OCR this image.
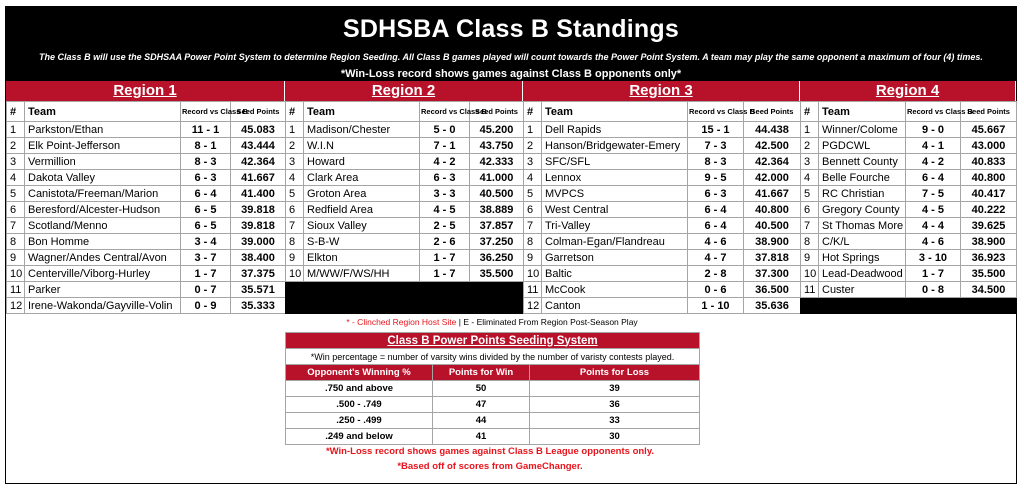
SDHSBA Class B Standings
The Class B will use the SDHSAA Power Point System to determine Region Seeding. All Class B games played will count towards the Power Point System. A team may play the same opponent a maximum of four (4) times.
*Win-Loss record shows games against Class B opponents only*
Region 1
#	Team	Record vs Class B	Seed Points
1	Parkston/Ethan	11 - 1	45.083
2	Elk Point-Jefferson	8 - 1	43.444
3	Vermillion	8 - 3	42.364
4	Dakota Valley	6 - 3	41.667
5	Canistota/Freeman/Marion	6 - 4	41.400
6	Beresford/Alcester-Hudson	6 - 5	39.818
7	Scotland/Menno	6 - 5	39.818
8	Bon Homme	3 - 4	39.000
9	Wagner/Andes Central/Avon	3 - 7	38.400
10	Centerville/Viborg-Hurley	1 - 7	37.375
11	Parker	0 - 7	35.571
12	Irene-Wakonda/Gayville-Volin	0 - 9	35.333
Region 2
#	Team	Record vs Class B	Seed Points
1	Madison/Chester	5 - 0	45.200
2	W.I.N	7 - 1	43.750
3	Howard	4 - 2	42.333
4	Clark Area	6 - 3	41.000
5	Groton Area	3 - 3	40.500
6	Redfield Area	4 - 5	38.889
7	Sioux Valley	2 - 5	37.857
8	S-B-W	2 - 6	37.250
9	Elkton	1 - 7	36.250
10	M/WW/F/WS/HH	1 - 7	35.500
Region 3
#	Team	Record vs Class B	Seed Points
1	Dell Rapids	15 - 1	44.438
2	Hanson/Bridgewater-Emery	7 - 3	42.500
3	SFC/SFL	8 - 3	42.364
4	Lennox	9 - 5	42.000
5	MVPCS	6 - 3	41.667
6	West Central	6 - 4	40.800
7	Tri-Valley	6 - 4	40.500
8	Colman-Egan/Flandreau	4 - 6	38.900
9	Garretson	4 - 7	37.818
10	Baltic	2 - 8	37.300
11	McCook	0 - 6	36.500
12	Canton	1 - 10	35.636
Region 4
#	Team	Record vs Class B	Seed Points
1	Winner/Colome	9 - 0	45.667
2	PGDCWL	4 - 1	43.000
3	Bennett County	4 - 2	40.833
4	Belle Fourche	6 - 4	40.800
5	RC Christian	7 - 5	40.417
6	Gregory County	4 - 5	40.222
7	St Thomas More	4 - 4	39.625
8	C/K/L	4 - 6	38.900
9	Hot Springs	3 - 10	36.923
10	Lead-Deadwood	1 - 7	35.500
11	Custer	0 - 8	34.500
* - Clinched Region Host Site | E - Eliminated From Region Post-Season Play
Class B Power Points Seeding System		
*Win percentage = number of varsity wins divided by the number of varisty contests played.		
Opponent's Winning %	Points for Win	Points for Loss
.750 and above	50	39
.500 - .749	47	36
.250 - .499	44	33
.249 and below	41	30
*Win-Loss record shows games against Class B League opponents only.
*Based off of scores from GameChanger.
